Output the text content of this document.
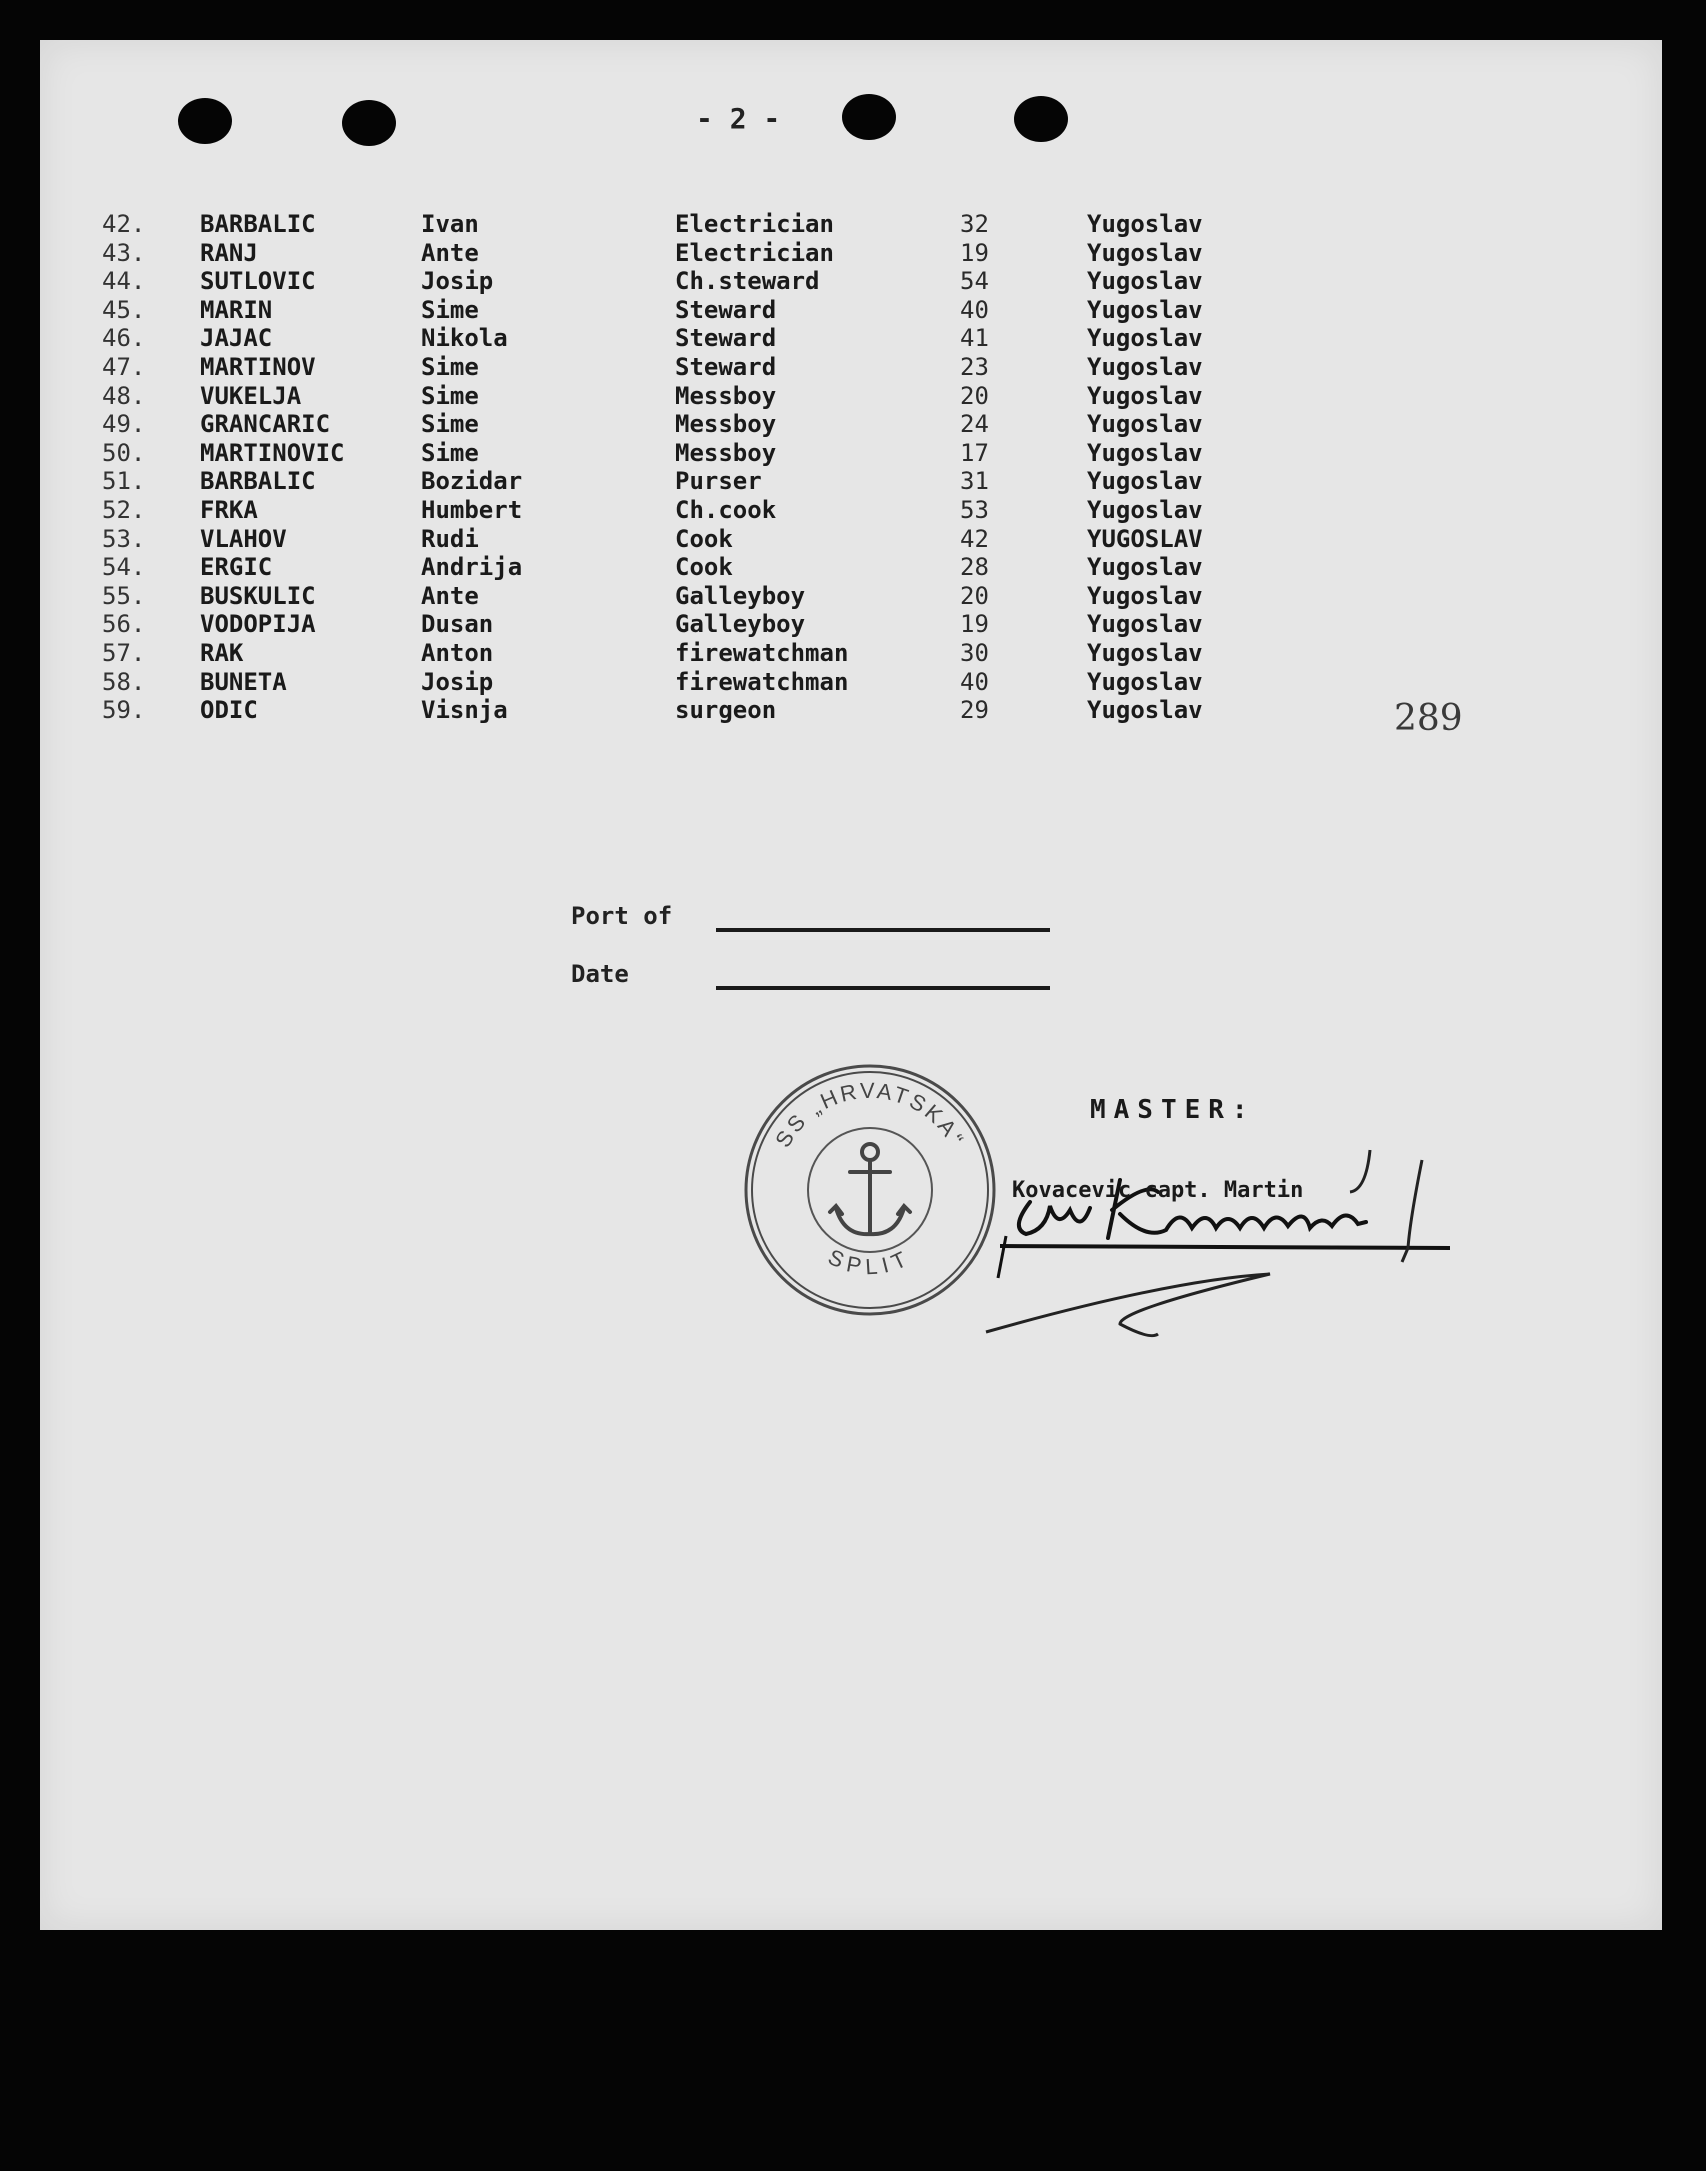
- 2 -
42. BARBALIC	Ivan	Electrician	32	Yugoslav
43. RANJ	Ante	Electrician	19	Yugoslav
44. SUTLOVIC	Josip	Ch.steward	54	Yugoslav
45. MARIN	Sime	Steward	40	Yugoslav
46. JAJAC	Nikola	Steward	41	Yugoslav
47. MARTINOV	Sime	Steward	23	Yugoslav
48. VUKELJA	Sime	Messboy	20	Yugoslav
49. GRANCARIC	Sime	Messboy	24	Yugoslav
50. MARTINOVIC	Sime	Messboy	17	Yugoslav
51. BARBALIC	Bozidar	Purser	31	Yugoslav
52. FRKA	Humbert	Ch.cook	53	Yugoslav
53. VLAHOV	Rudi	Cook	42	YUGOSLAV
54. ERGIC	Andrija	Cook	28	Yugoslav
55. BUSKULIC	Ante	Galleyboy	20	Yugoslav
56. VODOPIJA	Dusan	Galleyboy	19	Yugoslav
57. RAK	Anton	firewatchman	30	Yugoslav
58. BUNETA	Josip	firewatchman	40	Yugoslav
59. ODIC	Visnja	surgeon	29	Yugoslav	289
Port of
Date
SS „HRVATSKA“
SPLIT
MASTER:
Kovacevic capt. Martin
